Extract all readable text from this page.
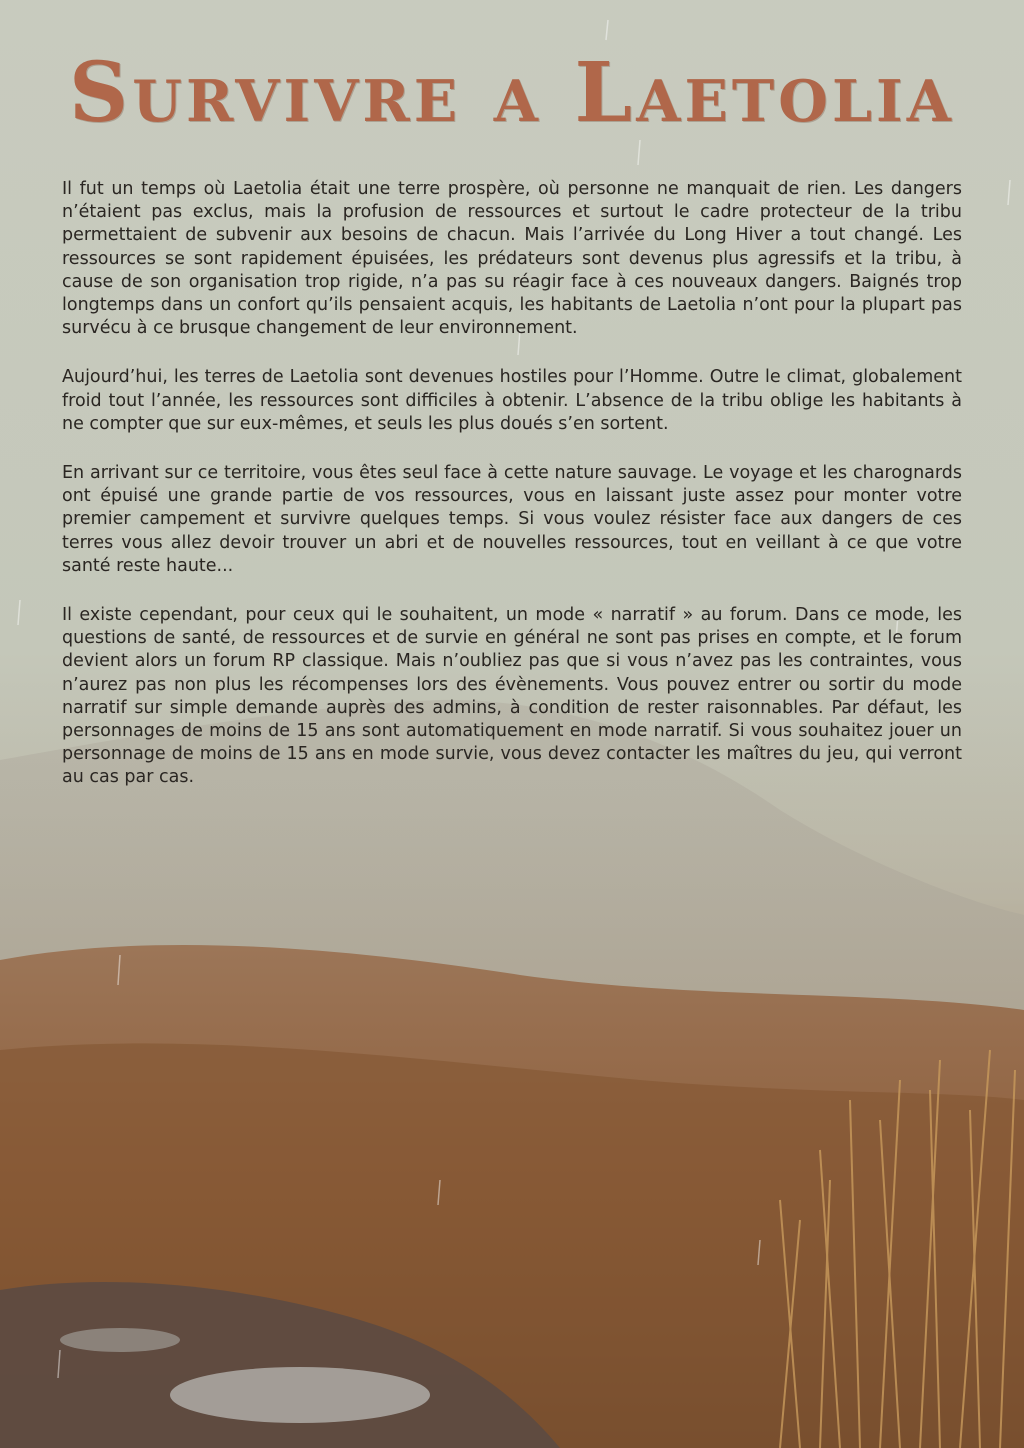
Survivre a Laetolia

Il fut un temps où Laetolia était une terre prospère, où personne ne manquait de rien. Les dangers n’étaient pas exclus, mais la profusion de ressources et surtout le cadre protecteur de la tribu permettaient de subvenir aux besoins de chacun. Mais l’arrivée du Long Hiver a tout changé. Les ressources se sont rapidement épuisées, les prédateurs sont devenus plus agressifs et la tribu, à cause de son organisation trop rigide, n’a pas su réagir face à ces nouveaux dangers. Baignés trop longtemps dans un confort qu’ils pensaient acquis, les habitants de Laetolia n’ont pour la plupart pas survécu à ce brusque changement de leur environnement.

Aujourd’hui, les terres de Laetolia sont devenues hostiles pour l’Homme. Outre le climat, globalement froid tout l’année, les ressources sont difficiles à obtenir. L’absence de la tribu oblige les habitants à ne compter que sur eux-mêmes, et seuls les plus doués s’en sortent.

En arrivant sur ce territoire, vous êtes seul face à cette nature sauvage. Le voyage et les charognards ont épuisé une grande partie de vos ressources, vous en laissant juste assez pour monter votre premier campement et survivre quelques temps. Si vous voulez résister face aux dangers de ces terres vous allez devoir trouver un abri et de nouvelles ressources, tout en veillant à ce que votre santé reste haute...

Il existe cependant, pour ceux qui le souhaitent, un mode « narratif » au forum. Dans ce mode, les questions de santé, de ressources et de survie en général ne sont pas prises en compte, et le forum devient alors un forum RP classique. Mais n’oubliez pas que si vous n’avez pas les contraintes, vous n’aurez pas non plus les récompenses lors des évènements. Vous pouvez entrer ou sortir du mode narratif sur simple demande auprès des admins, à condition de rester raisonnables. Par défaut, les personnages de moins de 15 ans sont automatiquement en mode narratif. Si vous souhaitez jouer un personnage de moins de 15 ans en mode survie, vous devez contacter les maîtres du jeu, qui verront au cas par cas.
